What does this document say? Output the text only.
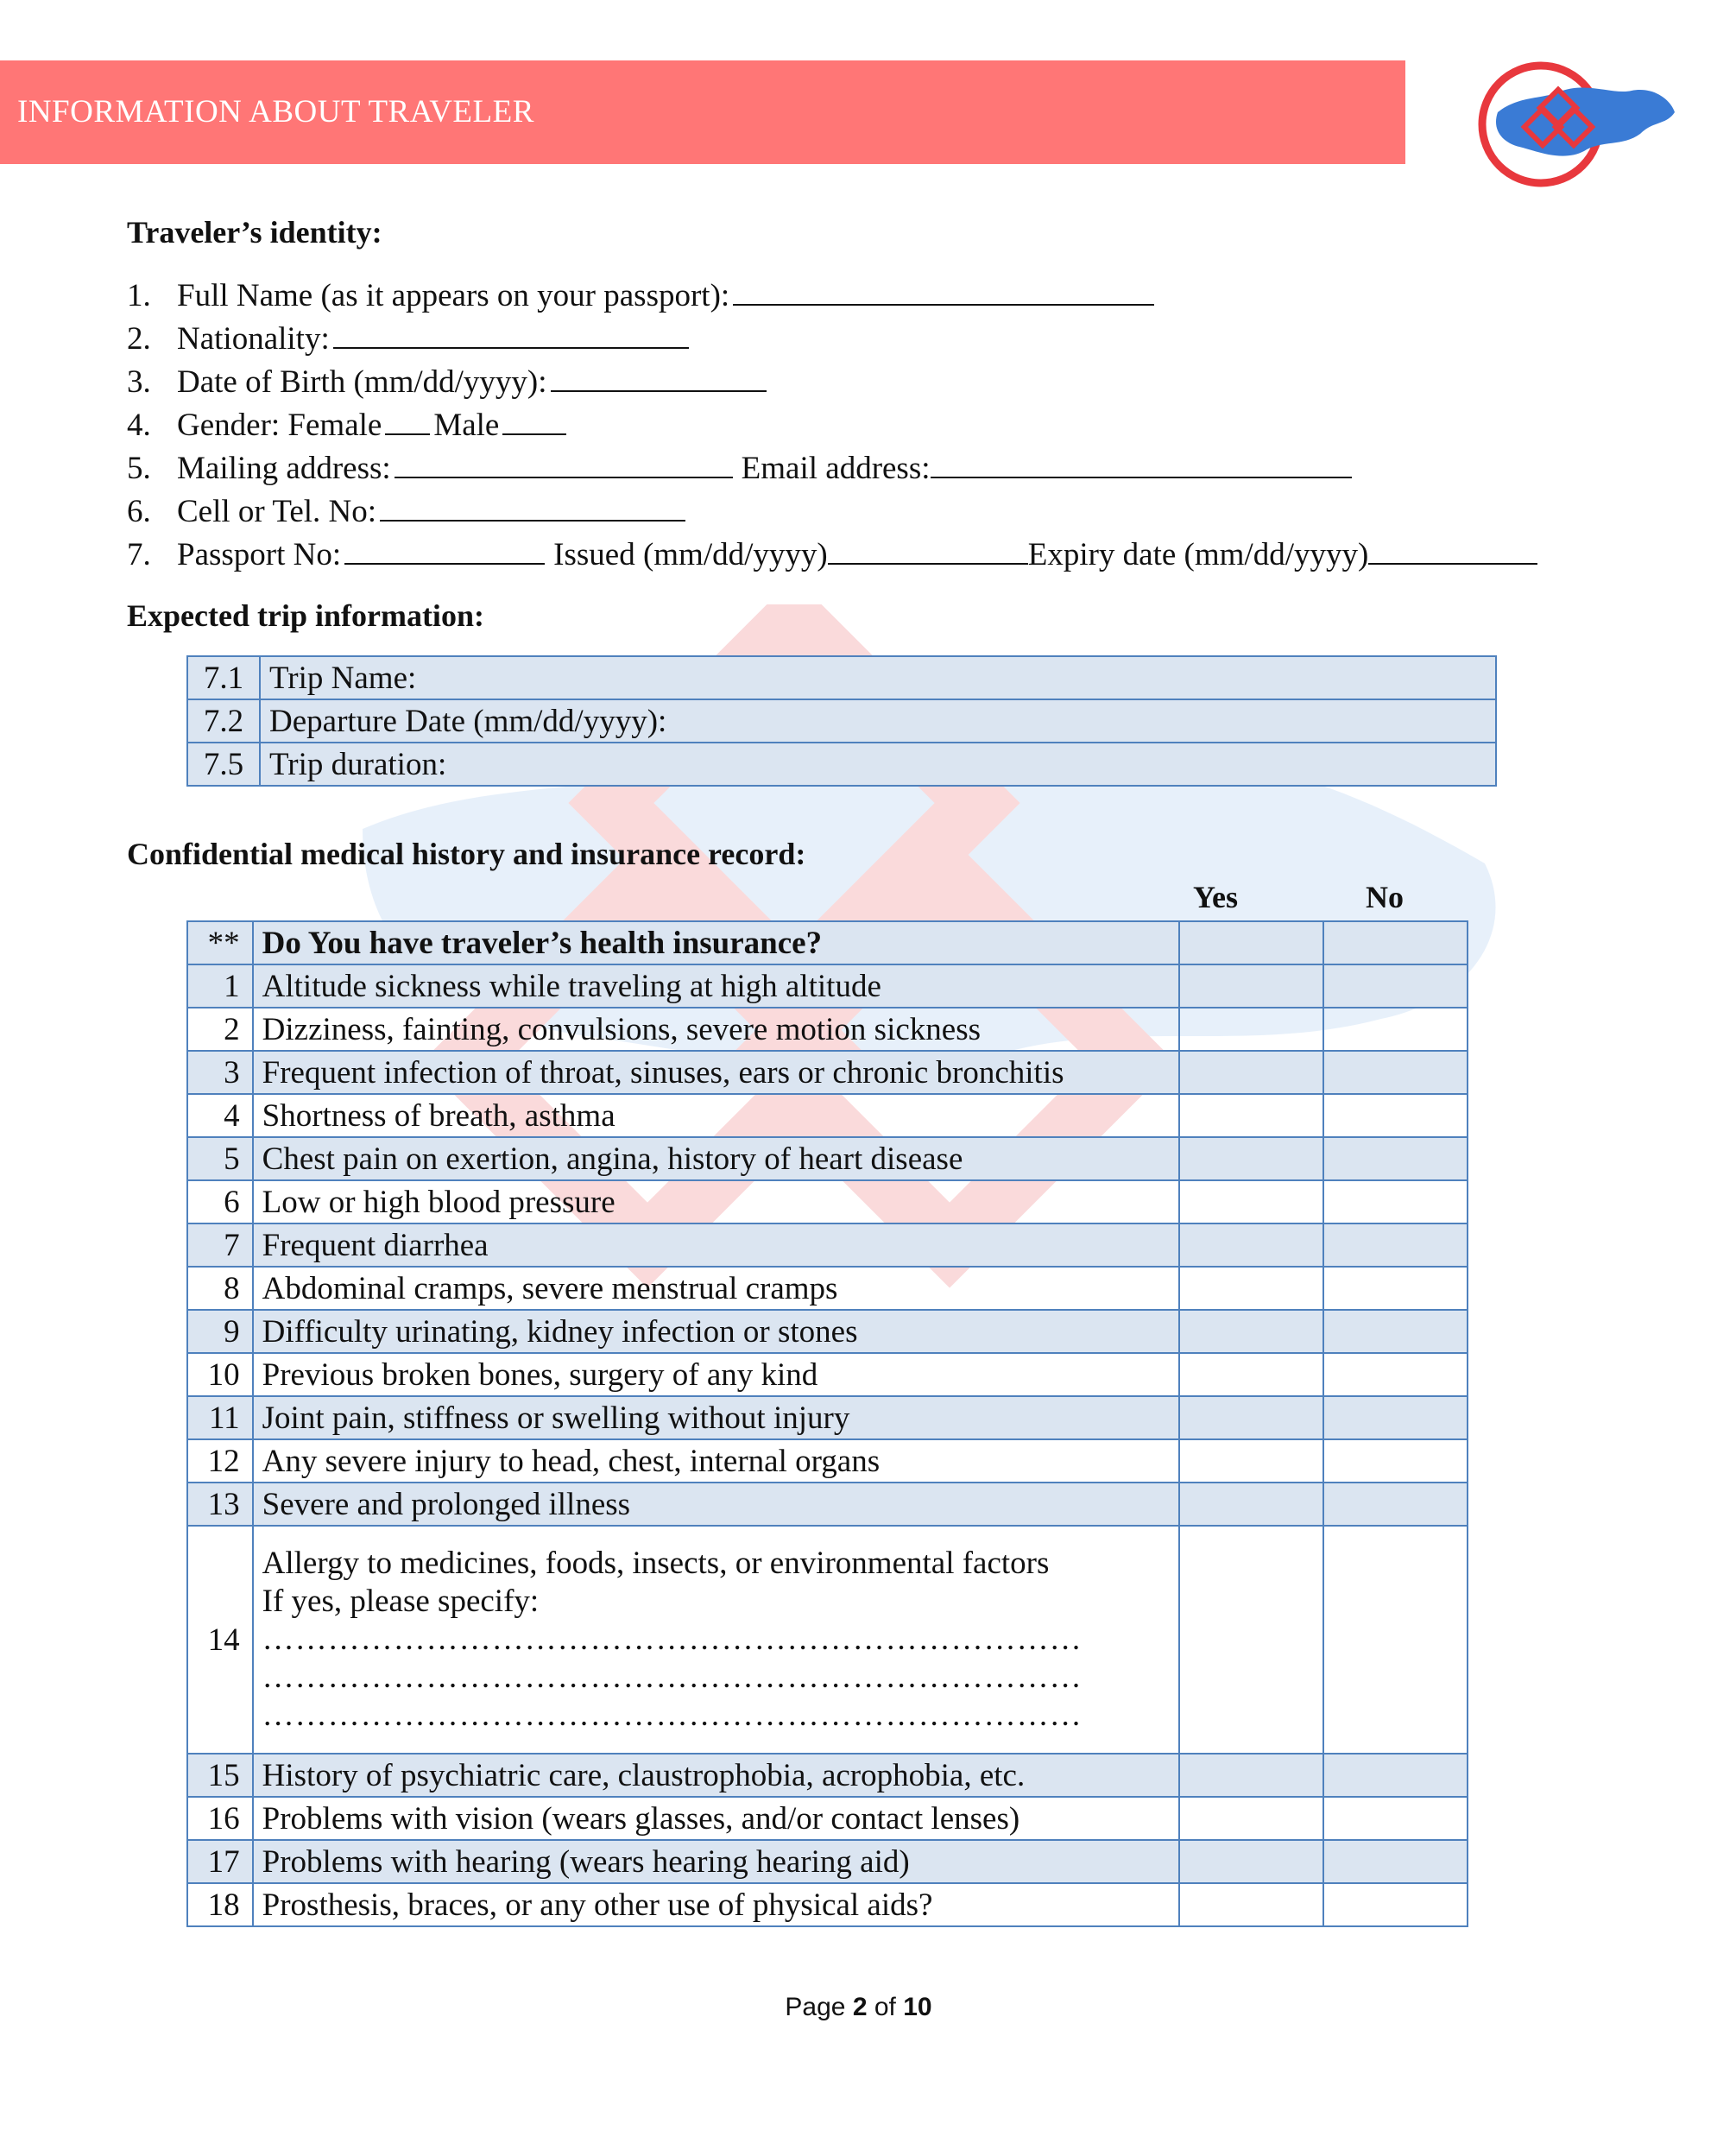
INFORMATION ABOUT TRAVELER
Traveler’s identity:
1. Full Name (as it appears on your passport):
2. Nationality:
3. Date of Birth (mm/dd/yyyy):
4. Gender: Female Male
5. Mailing address:	Email address:
6. Cell or Tel. No:
7. Passport No:	Issued (mm/dd/yyyy)	Expiry date (mm/dd/yyyy)
Expected trip information:
7.1	Trip Name:
7.2	Departure Date (mm/dd/yyyy):
7.5	Trip duration:
Confidential medical history and insurance record:
Yes	No
**	Do You have traveler’s health insurance?		
1	Altitude sickness while traveling at high altitude		
2	Dizziness, fainting, convulsions, severe motion sickness		
3	Frequent infection of throat, sinuses, ears or chronic bronchitis		
4	Shortness of breath, asthma		
5	Chest pain on exertion, angina, history of heart disease		
6	Low or high blood pressure		
7	Frequent diarrhea		
8	Abdominal cramps, severe menstrual cramps		
9	Difficulty urinating, kidney infection or stones		
10	Previous broken bones, surgery of any kind		
11	Joint pain, stiffness or swelling without injury		
12	Any severe injury to head, chest, internal organs		
13	Severe and prolonged illness		
14	Allergy to medicines, foods, insects, or environmental factors
If yes, please specify:
…………………………………………………………………
…………………………………………………………………
…………………………………………………………………		

15	History of psychiatric care, claustrophobia, acrophobia, etc.		
16	Problems with vision (wears glasses, and/or contact lenses)		
17	Problems with hearing (wears hearing hearing aid)		
18	Prosthesis, braces, or any other use of physical aids?		
Page 2 of 10
